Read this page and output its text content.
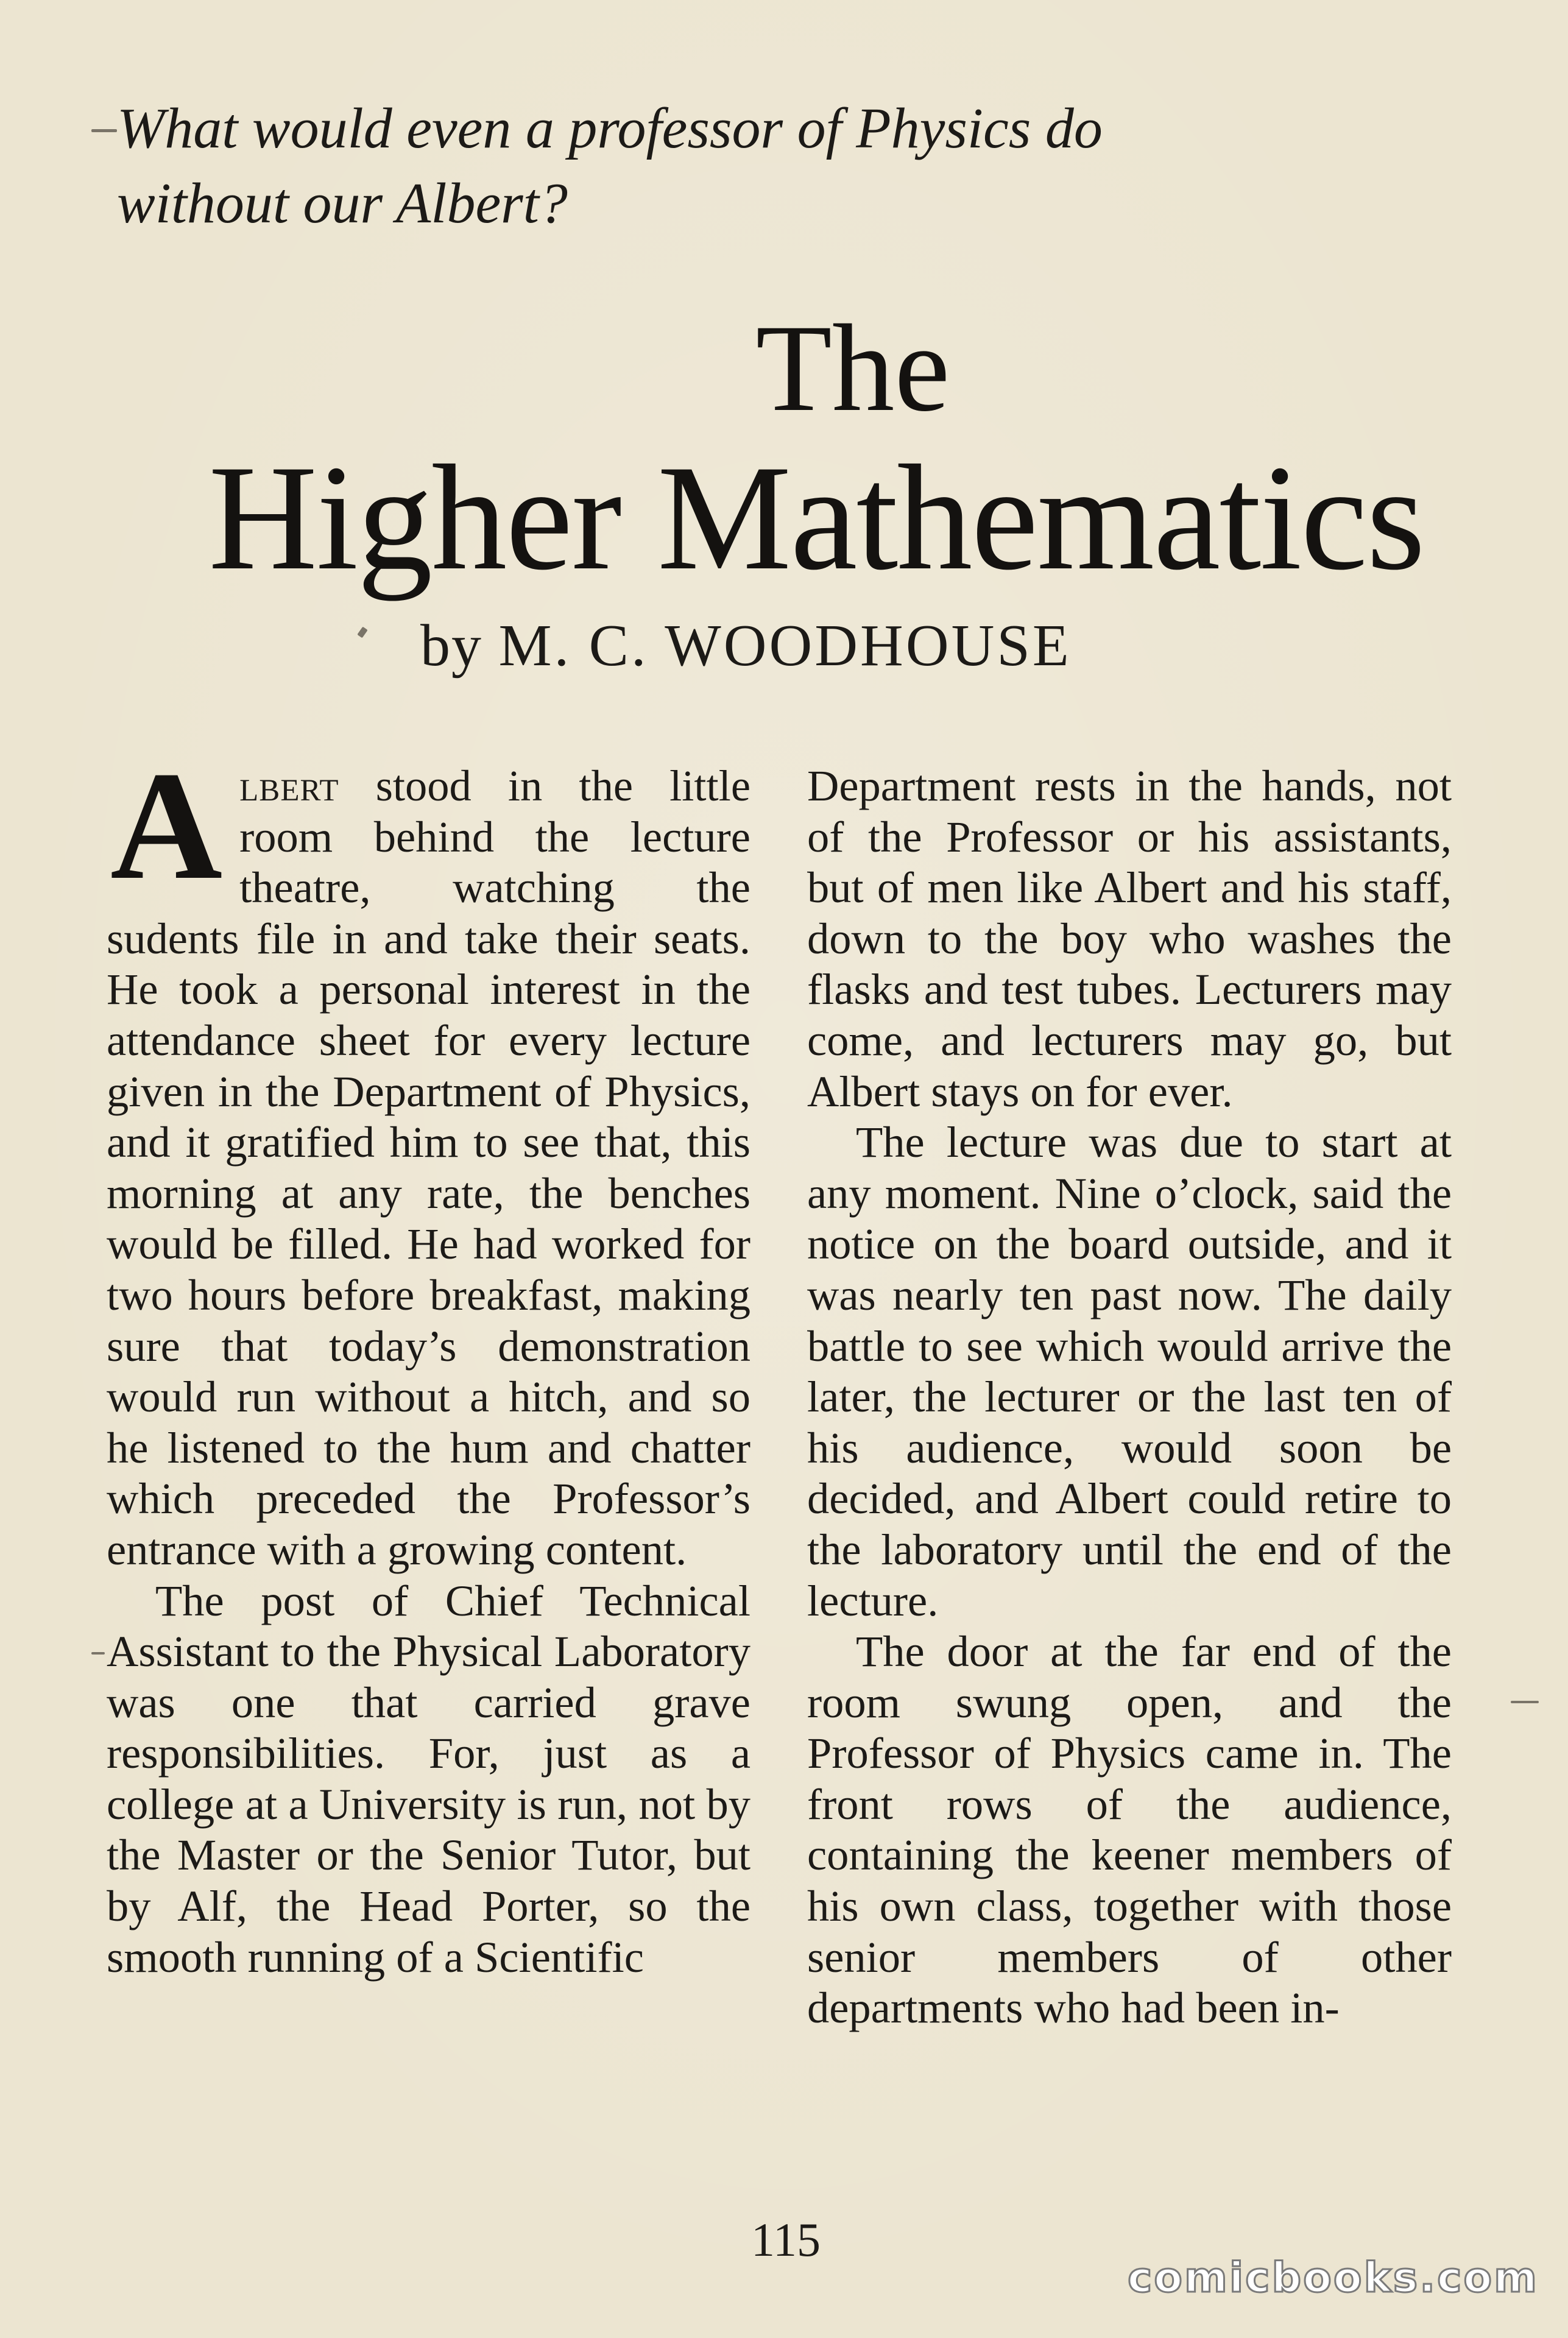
What would even a professor of Physics do
without our Albert?
The
Higher Mathematics

by M. C. WOODHOUSE

Albert stood in the little room behind the lecture theatre, watching the sudents file in and take their seats. He took a personal interest in the attendance sheet for every lecture given in the Department of Physics, and it gratified him to see that, this morning at any rate, the benches would be filled. He had worked for two hours before breakfast, making sure that today’s demonstration would run without a hitch, and so he listened to the hum and chatter which preceded the Professor’s entrance with a growing content.

The post of Chief Technical Assistant to the Physical Laboratory was one that carried grave responsibilities. For, just as a college at a University is run, not by the Master or the Senior Tutor, but by Alf, the Head Porter, so the smooth running of a Scientific

Department rests in the hands, not of the Professor or his assistants, but of men like Albert and his staff, down to the boy who washes the flasks and test tubes. Lecturers may come, and lecturers may go, but Albert stays on for ever.

The lecture was due to start at any moment. Nine o’clock, said the notice on the board outside, and it was nearly ten past now. The daily battle to see which would arrive the later, the lecturer or the last ten of his audience, would soon be decided, and Albert could retire to the laboratory until the end of the lecture.

The door at the far end of the room swung open, and the Professor of Physics came in. The front rows of the audience, containing the keener members of his own class, together with those senior members of other departments who had been in-

115

comicbooks.com
